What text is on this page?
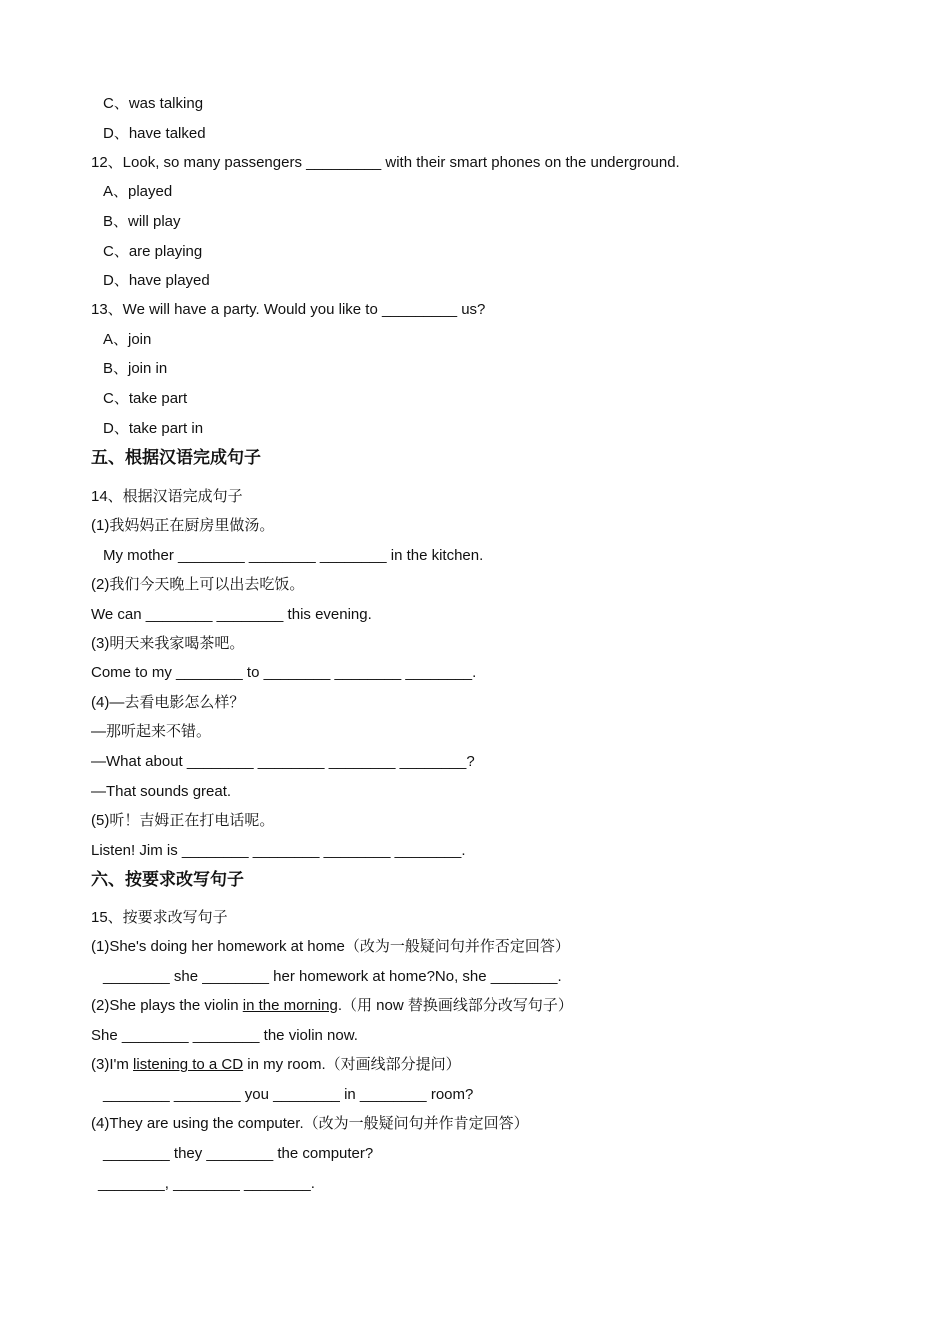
C、was talking
D、have talked
12、Look, so many passengers _________ with their smart phones on the underground.
A、played
B、will play
C、are playing
D、have played
13、We will have a party. Would you like to _________ us?
A、join
B、join in
C、take part
D、take part in
五、根据汉语完成句子
14、根据汉语完成句子
(1)我妈妈正在厨房里做汤。
My mother ________ ________ ________ in the kitchen.
(2)我们今天晚上可以出去吃饭。
We can ________ ________ this evening.
(3)明天来我家喝茶吧。
Come to my ________ to ________ ________ ________.
(4)—去看电影怎么样？
—那听起来不错。
—What about ________ ________ ________ ________?
—That sounds great.
(5)听！吉姆正在打电话呢。
Listen! Jim is ________ ________ ________ ________.
六、按要求改写句子
15、按要求改写句子
(1)She's doing her homework at home（改为一般疑问句并作否定回答）
________ she ________ her homework at home?No, she ________.
(2)She plays the violin in the morning.（用 now 替换画线部分改写句子）
She ________ ________ the violin now.
(3)I'm listening to a CD in my room.（对画线部分提问）
________ ________ you ________ in ________ room?
(4)They are using the computer.（改为一般疑问句并作肯定回答）
________ they ________ the computer?
________, ________ ________.
